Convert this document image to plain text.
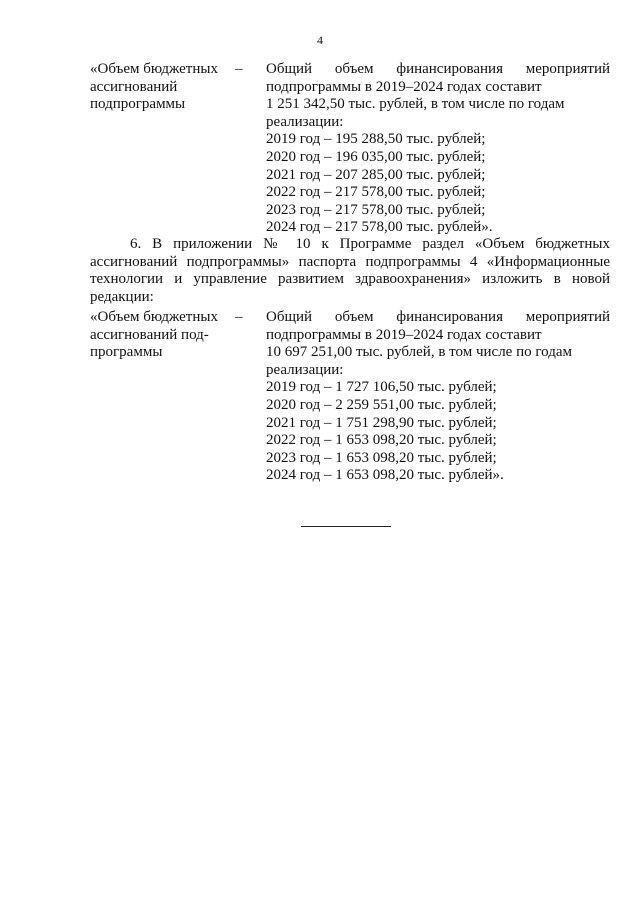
4
«Объем бюджетных
ассигнований
подпрограммы
– Общий объем финансирования мероприятий
подпрограммы в 2019–2024 годах составит
1 251 342,50 тыс. рублей, в том числе по годам
реализации:
2019 год – 195 288,50 тыс. рублей;
2020 год – 196 035,00 тыс. рублей;
2021 год – 207 285,00 тыс. рублей;
2022 год – 217 578,00 тыс. рублей;
2023 год – 217 578,00 тыс. рублей;
2024 год – 217 578,00 тыс. рублей».
6. В приложении № 10 к Программе раздел «Объем бюджетных ассигнований подпрограммы» паспорта подпрограммы 4 «Информационные технологии и управление развитием здравоохранения» изложить в новой редакции:
«Объем бюджетных
ассигнований под-
программы
– Общий объем финансирования мероприятий
подпрограммы в 2019–2024 годах составит
10 697 251,00 тыс. рублей, в том числе по годам
реализации:
2019 год – 1 727 106,50 тыс. рублей;
2020 год – 2 259 551,00 тыс. рублей;
2021 год – 1 751 298,90 тыс. рублей;
2022 год – 1 653 098,20 тыс. рублей;
2023 год – 1 653 098,20 тыс. рублей;
2024 год – 1 653 098,20 тыс. рублей».
